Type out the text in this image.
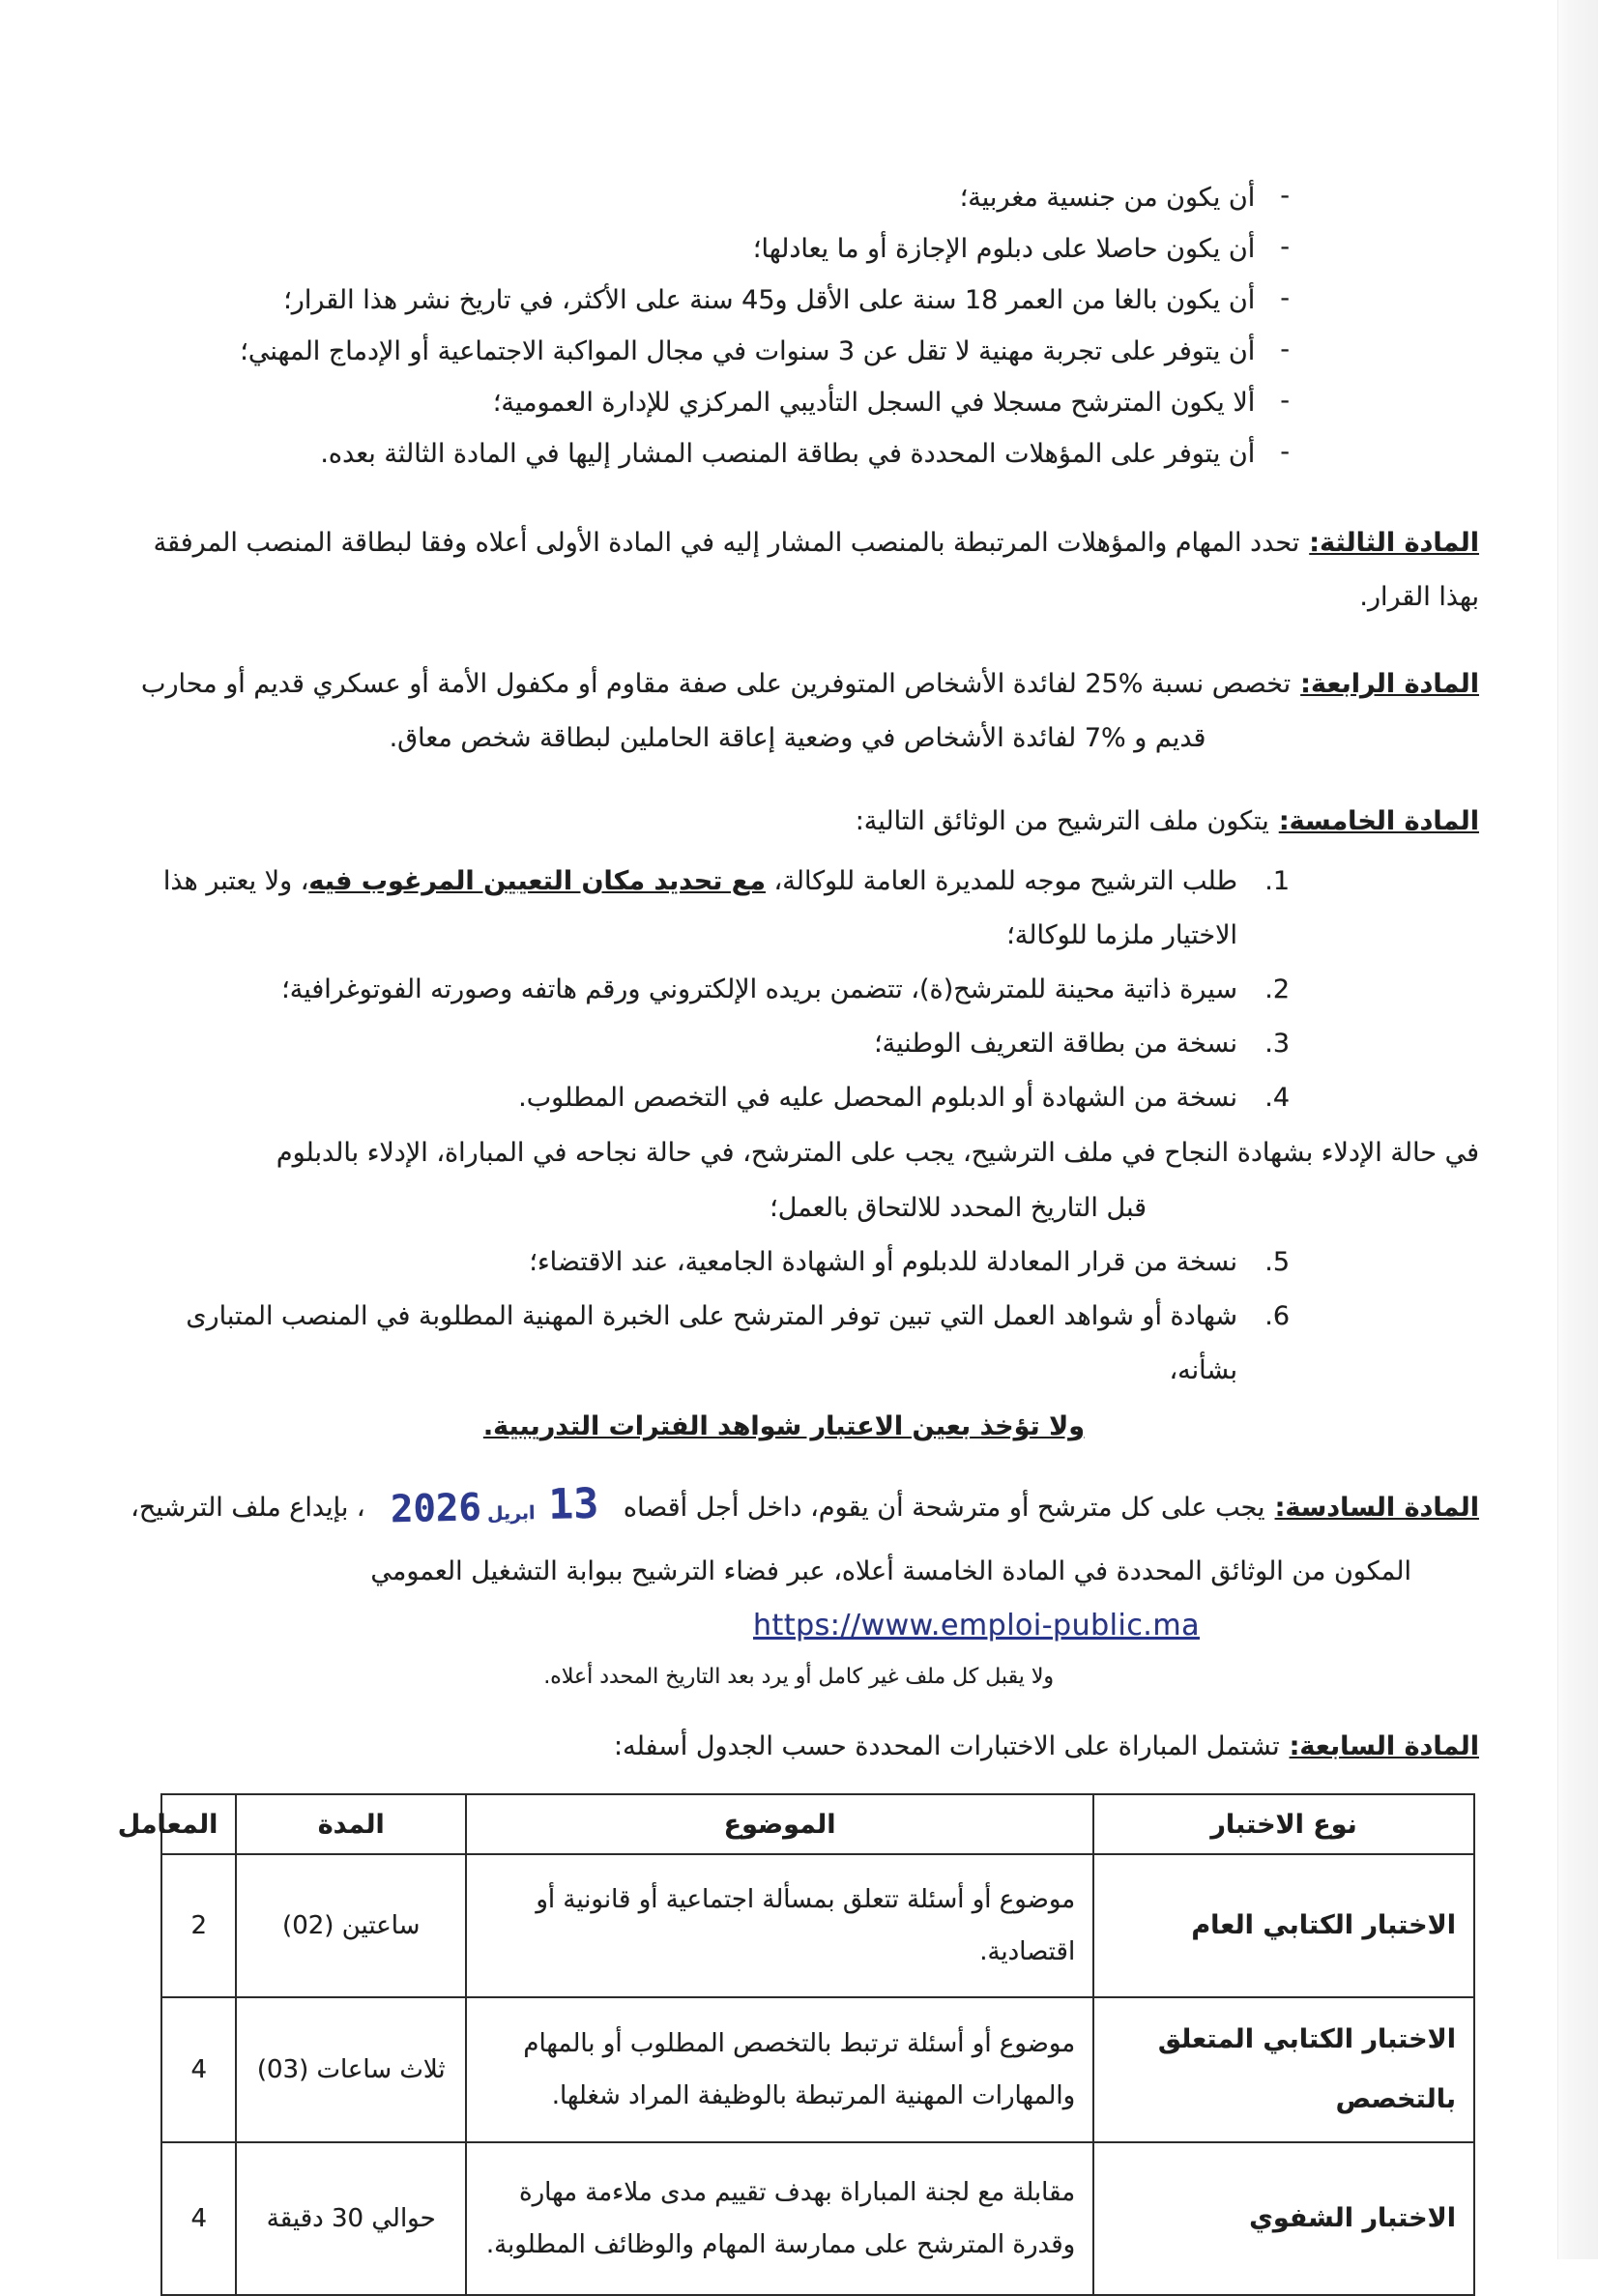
- أن يكون من جنسية مغربية؛
- أن يكون حاصلا على دبلوم الإجازة أو ما يعادلها؛
- أن يكون بالغا من العمر 18 سنة على الأقل و45 سنة على الأكثر، في تاريخ نشر هذا القرار؛
- أن يتوفر على تجربة مهنية لا تقل عن 3 سنوات في مجال المواكبة الاجتماعية أو الإدماج المهني؛
- ألا يكون المترشح مسجلا في السجل التأديبي المركزي للإدارة العمومية؛
- أن يتوفر على المؤهلات المحددة في بطاقة المنصب المشار إليها في المادة الثالثة بعده.

المادة الثالثة:تحدد المهام والمؤهلات المرتبطة بالمنصب المشار إليه في المادة الأولى أعلاه وفقا لبطاقة المنصب المرفقة بهذا القرار.

المادة الرابعة:تخصص نسبة %25 لفائدة الأشخاص المتوفرين على صفة مقاوم أو مكفول الأمة أو عسكري قديم أو محارب
قديم و %7 لفائدة الأشخاص في وضعية إعاقة الحاملين لبطاقة شخص معاق.

المادة الخامسة:يتكون ملف الترشيح من الوثائق التالية:

1.
طلب الترشيح موجه للمديرة العامة للوكالة، مع تحديد مكان التعيين المرغوب فيه، ولا يعتبر هذا الاختيار ملزما للوكالة؛
2.
سيرة ذاتية محينة للمترشح(ة)، تتضمن بريده الإلكتروني ورقم هاتفه وصورته الفوتوغرافية؛
3.
نسخة من بطاقة التعريف الوطنية؛
4.
نسخة من الشهادة أو الدبلوم المحصل عليه في التخصص المطلوب.

في حالة الإدلاء بشهادة النجاح في ملف الترشيح، يجب على المترشح، في حالة نجاحه في المباراة، الإدلاء بالدبلوم
قبل التاريخ المحدد للالتحاق بالعمل؛

5.
نسخة من قرار المعادلة للدبلوم أو الشهادة الجامعية، عند الاقتضاء؛
6.
شهادة أو شواهد العمل التي تبين توفر المترشح على الخبرة المهنية المطلوبة في المنصب المتبارى بشأنه،

ولا تؤخذ بعين الاعتبار شواهد الفترات التدريبية.

المادة السادسة:يجب على كل مترشح أو مترشحة أن يقوم، داخل أجل أقصاه13ابريل2026، بإيداع ملف الترشيح،

المكون من الوثائق المحددة في المادة الخامسة أعلاه، عبر فضاء الترشيح ببوابة التشغيل العمومي

https://www.emploi-public.ma

ولا يقبل كل ملف غير كامل أو يرد بعد التاريخ المحدد أعلاه.

المادة السابعة:تشتمل المباراة على الاختبارات المحددة حسب الجدول أسفله:

نوع الاختبار	الموضوع	المدة	المعامل
الاختبار الكتابي العام	موضوع أو أسئلة تتعلق بمسألة اجتماعية أو قانونية أو اقتصادية.	ساعتين (02)	2
الاختبار الكتابي المتعلق بالتخصص	موضوع أو أسئلة ترتبط بالتخصص المطلوب أو بالمهام والمهارات المهنية المرتبطة بالوظيفة المراد شغلها.	ثلاث ساعات (03)	4
الاختبار الشفوي	مقابلة مع لجنة المباراة بهدف تقييم مدى ملاءمة مهارة وقدرة المترشح على ممارسة المهام والوظائف المطلوبة.	حوالي 30 دقيقة	4
